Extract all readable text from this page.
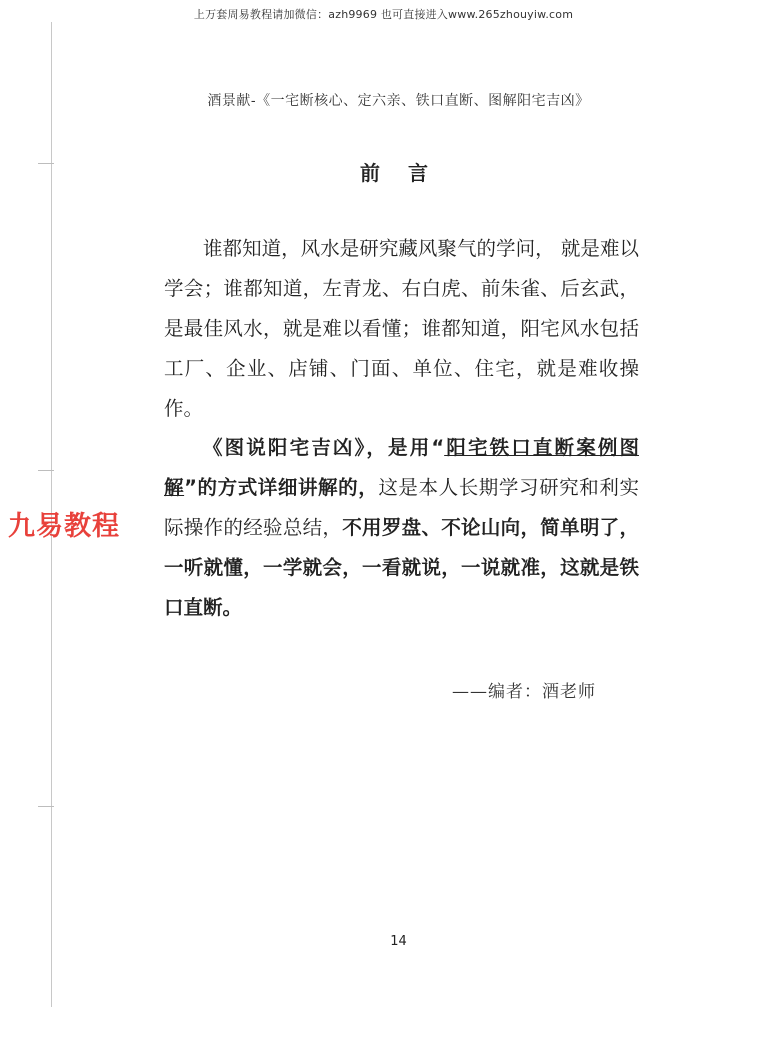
上万套周易教程请加微信：azh9969 也可直接进入www.265zhouyiw.com
酒景献-《一宅断核心、定六亲、铁口直断、图解阳宅吉凶》
前言

谁都知道，风水是研究藏风聚气的学问， 就是难以学会；谁都知道，左青龙、右白虎、前朱雀、后玄武，是最佳风水，就是难以看懂；谁都知道，阳宅风水包括工厂、企业、店铺、门面、单位、住宅，就是难收操作。

《图说阳宅吉凶》，是用“阳宅铁口直断案例图解”的方式详细讲解的，这是本人长期学习研究和利实际操作的经验总结，不用罗盘、不论山向，简单明了，一听就懂，一学就会，一看就说，一说就准，这就是铁口直断。

九易教程
——编者：酒老师
14
